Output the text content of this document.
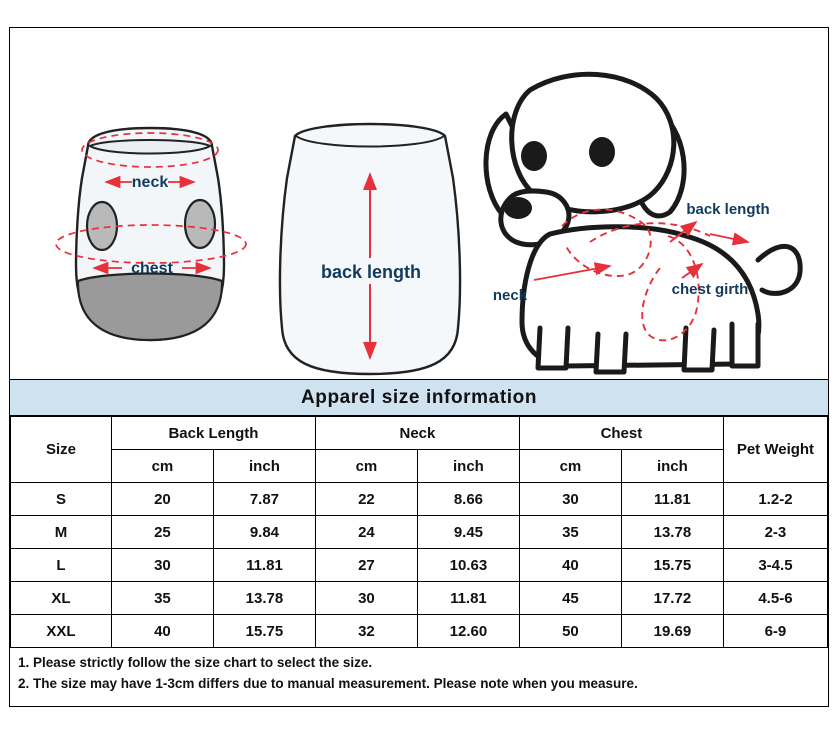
neck
chest	back length
neck
back length
chest girth
Apparel size information
Size	Back Length		Neck		Chest		Pet Weight
	cm	inch	cm	inch	cm	inch	
S	20	7.87	22	8.66	30	11.81	1.2-2
M	25	9.84	24	9.45	35	13.78	2-3
L	30	11.81	27	10.63	40	15.75	3-4.5
XL	35	13.78	30	11.81	45	17.72	4.5-6
XXL	40	15.75	32	12.60	50	19.69	6-9
1. Please strictly follow the size chart to select the size.
2. The size may have 1-3cm differs due to manual measurement. Please note when you measure.
